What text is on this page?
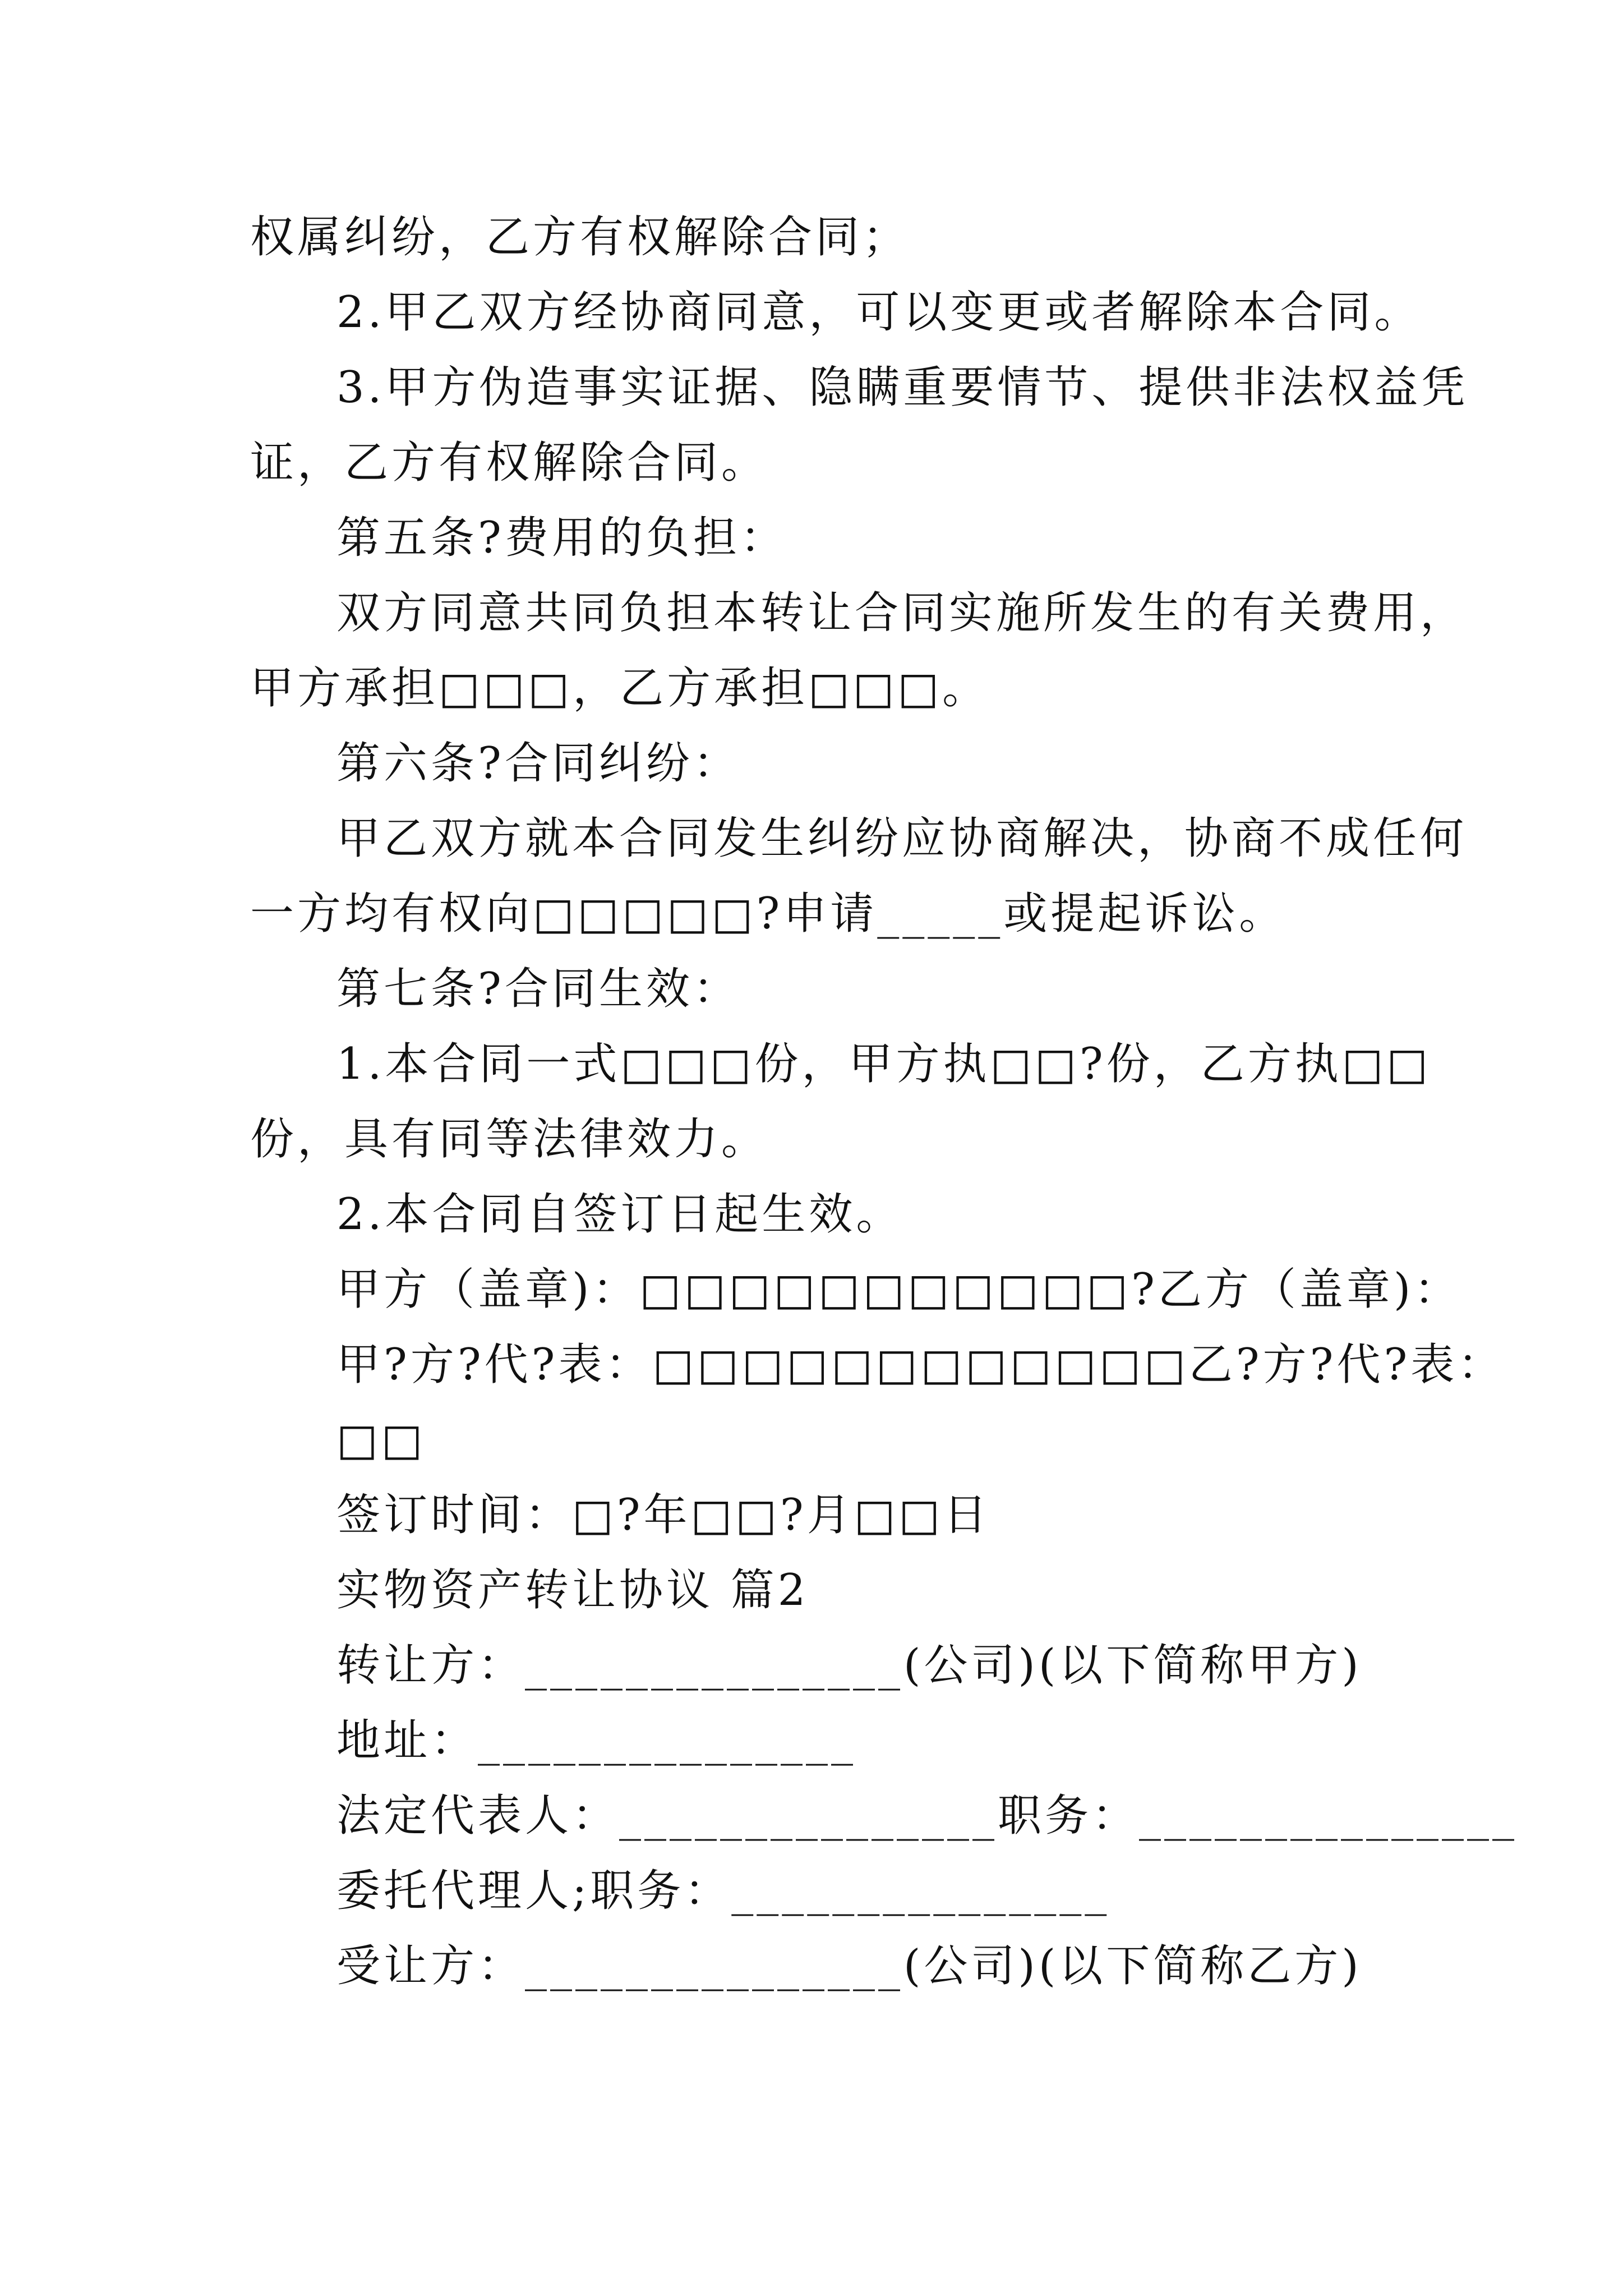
权属纠纷，乙方有权解除合同；
2.甲乙双方经协商同意，可以变更或者解除本合同。
3.甲方伪造事实证据、隐瞒重要情节、提供非法权益凭
证，乙方有权解除合同。
第五条?费用的负担：
双方同意共同负担本转让合同实施所发生的有关费用，
甲方承担□□□，乙方承担□□□。
第六条?合同纠纷：
甲乙双方就本合同发生纠纷应协商解决，协商不成任何
一方均有权向□□□□□?申请_____或提起诉讼。
第七条?合同生效：
1.本合同一式□□□份，甲方执□□?份，乙方执□□
份，具有同等法律效力。
2.本合同自签订日起生效。
甲方（盖章)：□□□□□□□□□□□?乙方（盖章)：
甲?方?代?表：□□□□□□□□□□□□乙?方?代?表：
□□
签订时间：□?年□□?月□□日
实物资产转让协议 篇2
转让方：_______________(公司)(以下简称甲方)
地址：_______________
法定代表人：_______________职务：_______________
委托代理人;职务：_______________
受让方：_______________(公司)(以下简称乙方)
